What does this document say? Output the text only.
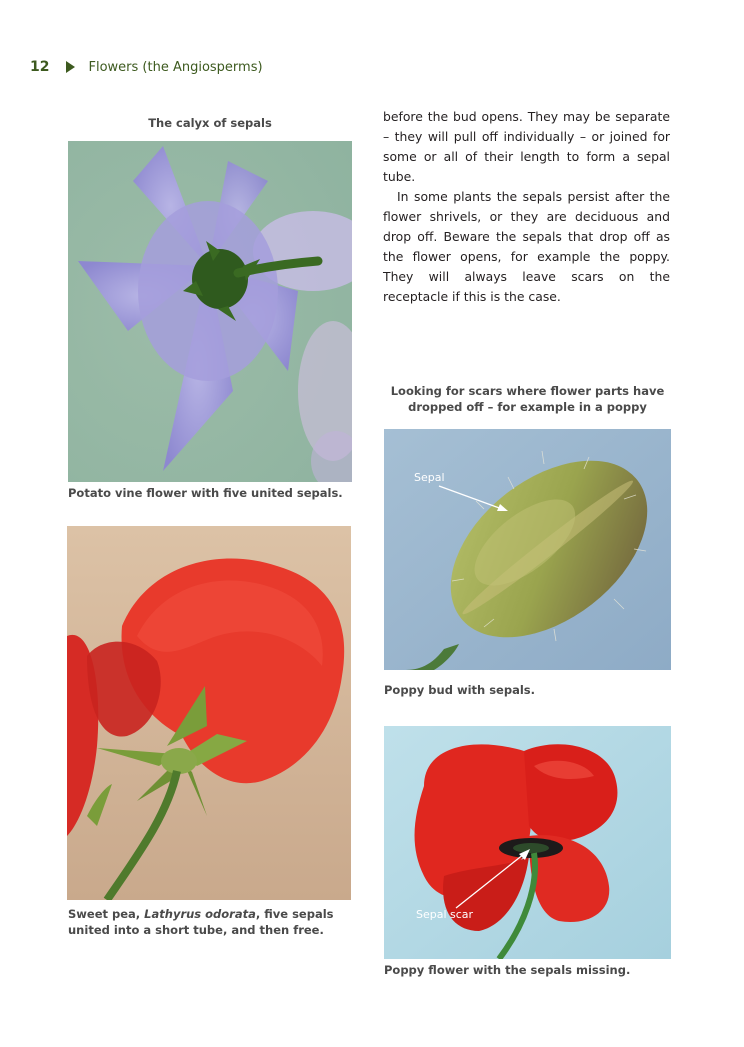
12	Flowers (the Angiosperms)
The calyx of sepals
Potato vine flower with five united sepals.
Sweet pea, Lathyrus odorata, five sepals united into a short tube, and then free.

before the bud opens. They may be separate – they will pull off individually – or joined for some or all of their length to form a sepal tube.

In some plants the sepals persist after the flower shrivels, or they are deciduous and drop off. Beware the sepals that drop off as the flower opens, for example the poppy. They will always leave scars on the receptacle if this is the case.

Looking for scars where flower parts have dropped off – for example in a poppy
Sepal
Poppy bud with sepals.
Sepal scar
Poppy flower with the sepals missing.
